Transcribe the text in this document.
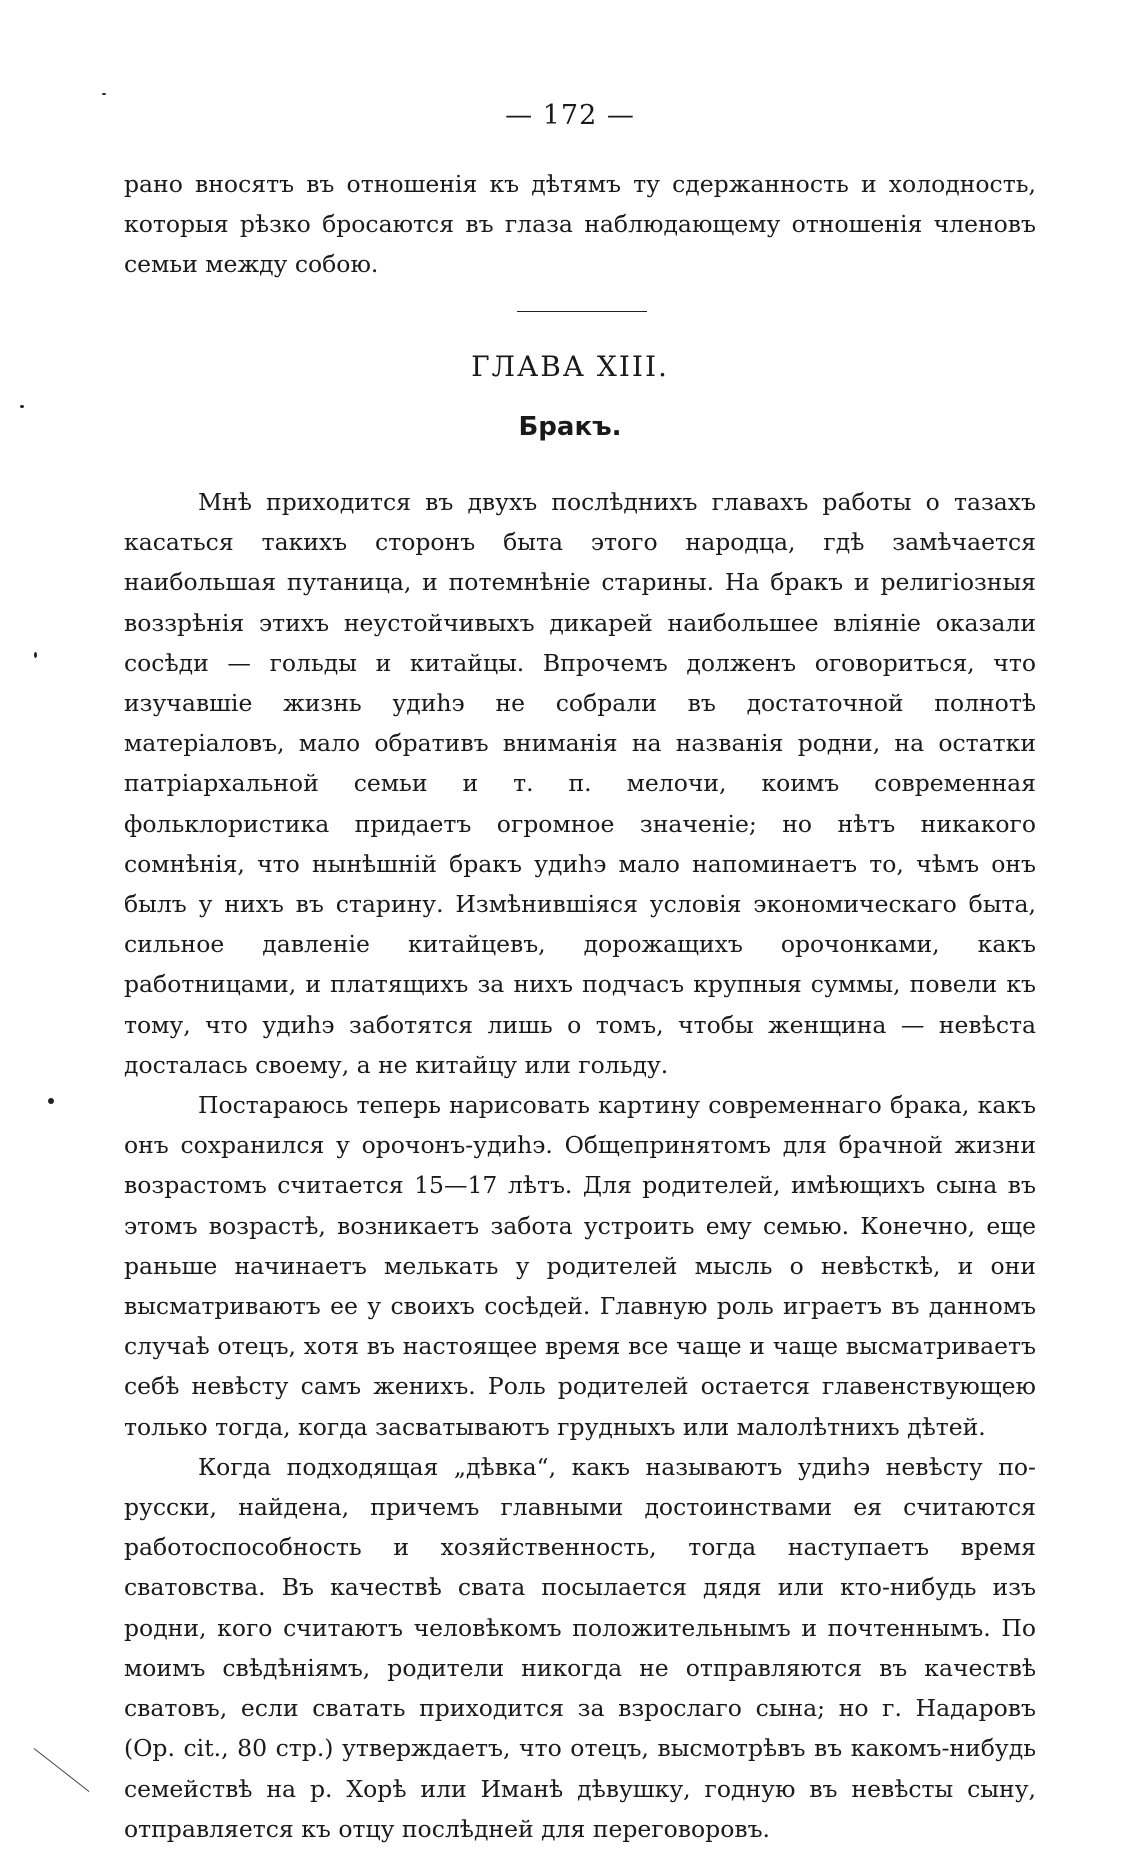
— 172 —

рано вносятъ въ отношенія къ дѣтямъ ту сдержанность и холодность, которыя рѣзко бросаются въ глаза наблюдающему отношенія членовъ семьи между собою.

ГЛАВА XIII.
Бракъ.

Мнѣ приходится въ двухъ послѣднихъ главахъ работы о тазахъ касаться такихъ сторонъ быта этого народца, гдѣ замѣчается наибольшая путаница, и потемнѣніе старины. На бракъ и религіозныя воззрѣнія этихъ неустойчивыхъ дикарей наибольшее вліяніе оказали сосѣди — гольды и китайцы. Впрочемъ долженъ оговориться, что изучавшіе жизнь удиһэ не собрали въ достаточной полнотѣ матеріаловъ, мало обративъ вниманія на названія родни, на остатки патріархальной семьи и т. п. мелочи, коимъ современная фольклористика придаетъ огромное значеніе; но нѣтъ никакого сомнѣнія, что нынѣшній бракъ удиһэ мало напоминаетъ то, чѣмъ онъ былъ у нихъ въ старину. Измѣнившіяся условія экономическаго быта, сильное давленіе китайцевъ, дорожащихъ орочонками, какъ работницами, и платящихъ за нихъ подчасъ крупныя суммы, повели къ тому, что удиһэ заботятся лишь о томъ, чтобы женщина — невѣста досталась своему, а не китайцу или гольду.

Постараюсь теперь нарисовать картину современнаго брака, какъ онъ сохранился у орочонъ-удиһэ. Общепринятомъ для брачной жизни возрастомъ считается 15—17 лѣтъ. Для родителей, имѣющихъ сына въ этомъ возрастѣ, возникаетъ забота устроить ему семью. Конечно, еще раньше начинаетъ мелькать у родителей мысль о невѣсткѣ, и они высматриваютъ ее у своихъ сосѣдей. Главную роль играетъ въ данномъ случаѣ отецъ, хотя въ настоящее время все чаще и чаще высматриваетъ себѣ невѣсту самъ женихъ. Роль родителей остается главенствующею только тогда, когда засватываютъ грудныхъ или малолѣтнихъ дѣтей.

Когда подходящая „дѣвка“, какъ называютъ удиһэ невѣсту по-русски, найдена, причемъ главными достоинствами ея считаются работоспособность и хозяйственность, тогда наступаетъ время сватовства. Въ качествѣ свата посылается дядя или кто-нибудь изъ родни, кого считаютъ человѣкомъ положительнымъ и почтеннымъ. По моимъ свѣдѣніямъ, родители никогда не отправляются въ качествѣ сватовъ, если сватать приходится за взрослаго сына; но г. Надаровъ (Op. cit., 80 стр.) утверждаетъ, что отецъ, высмотрѣвъ въ какомъ-нибудь семействѣ на р. Хорѣ или Иманѣ дѣвушку, годную въ невѣсты сыну, отправляется къ отцу послѣдней для переговоровъ.
